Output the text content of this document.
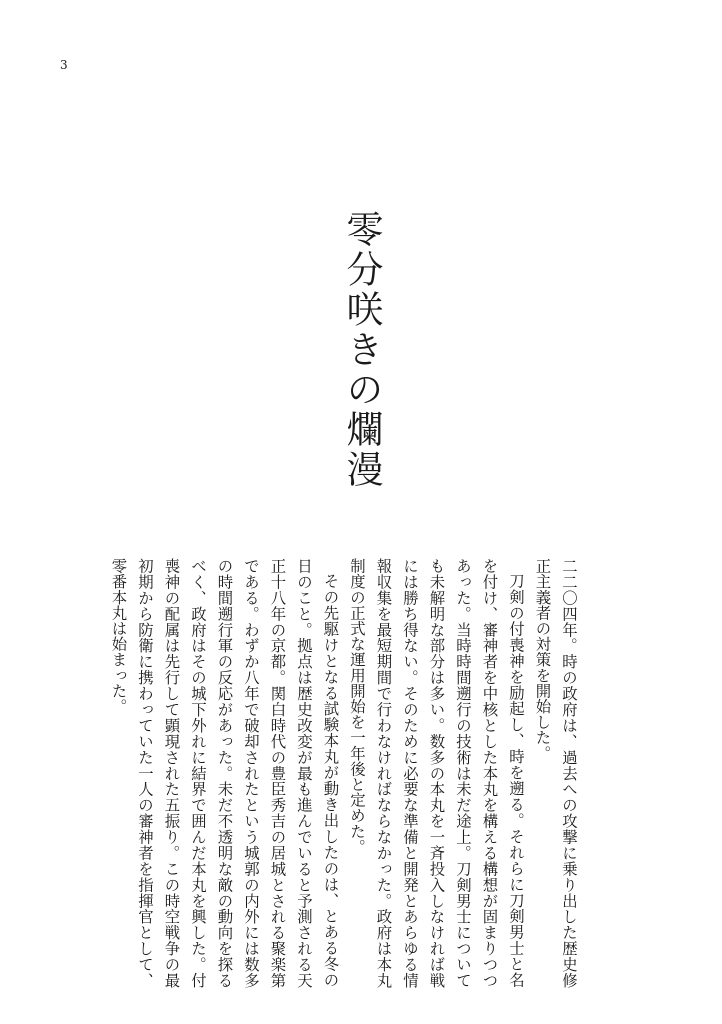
3
零分咲きの爛漫

二二〇四年。時の政府は、過去への攻撃に乗り出した歴史修正主義者の対策を開始した。

刀剣の付喪神を励起し、時を遡る。それらに刀剣男士と名を付け、審神者を中核とした本丸を構える構想が固まりつつあった。当時時間遡行の技術は未だ途上。刀剣男士についても未解明な部分は多い。数多の本丸を一斉投入しなければ戦には勝ち得ない。そのために必要な準備と開発とあらゆる情報収集を最短期間で行わなければならなかった。政府は本丸制度の正式な運用開始を一年後と定めた。

その先駆けとなる試験本丸が動き出したのは、とある冬の日のこと。拠点は歴史改変が最も進んでいると予測される天正十八年の京都。関白時代の豊臣秀吉の居城とされる聚楽第である。わずか八年で破却されたという城郭の内外には数多の時間遡行軍の反応があった。未だ不透明な敵の動向を探るべく、政府はその城下外れに結界で囲んだ本丸を興した。付喪神の配属は先行して顕現された五振り。この時空戦争の最初期から防衛に携わっていた一人の審神者を指揮官として、零番本丸は始まった。
